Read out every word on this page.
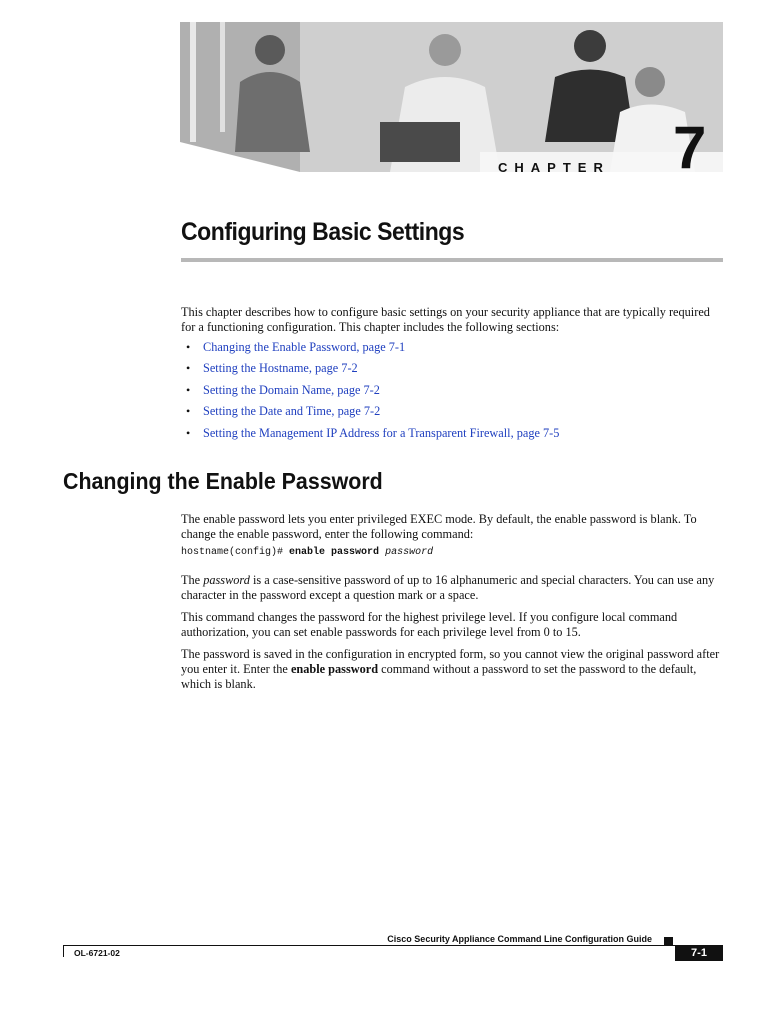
CHAPTER 7
Configuring Basic Settings

This chapter describes how to configure basic settings on your security appliance that are typically required for a functioning configuration. This chapter includes the following sections:

• Changing the Enable Password, page 7-1
• Setting the Hostname, page 7-2
• Setting the Domain Name, page 7-2
• Setting the Date and Time, page 7-2
• Setting the Management IP Address for a Transparent Firewall, page 7-5
Changing the Enable Password

The enable password lets you enter privileged EXEC mode. By default, the enable password is blank. To change the enable password, enter the following command:

hostname(config)# enable password password

The password is a case-sensitive password of up to 16 alphanumeric and special characters. You can use any character in the password except a question mark or a space.

This command changes the password for the highest privilege level. If you configure local command authorization, you can set enable passwords for each privilege level from 0 to 15.

The password is saved in the configuration in encrypted form, so you cannot view the original password after you enter it. Enter the enable password command without a password to set the password to the default, which is blank.

Cisco Security Appliance Command Line Configuration Guide
OL-6721-02	7-1
